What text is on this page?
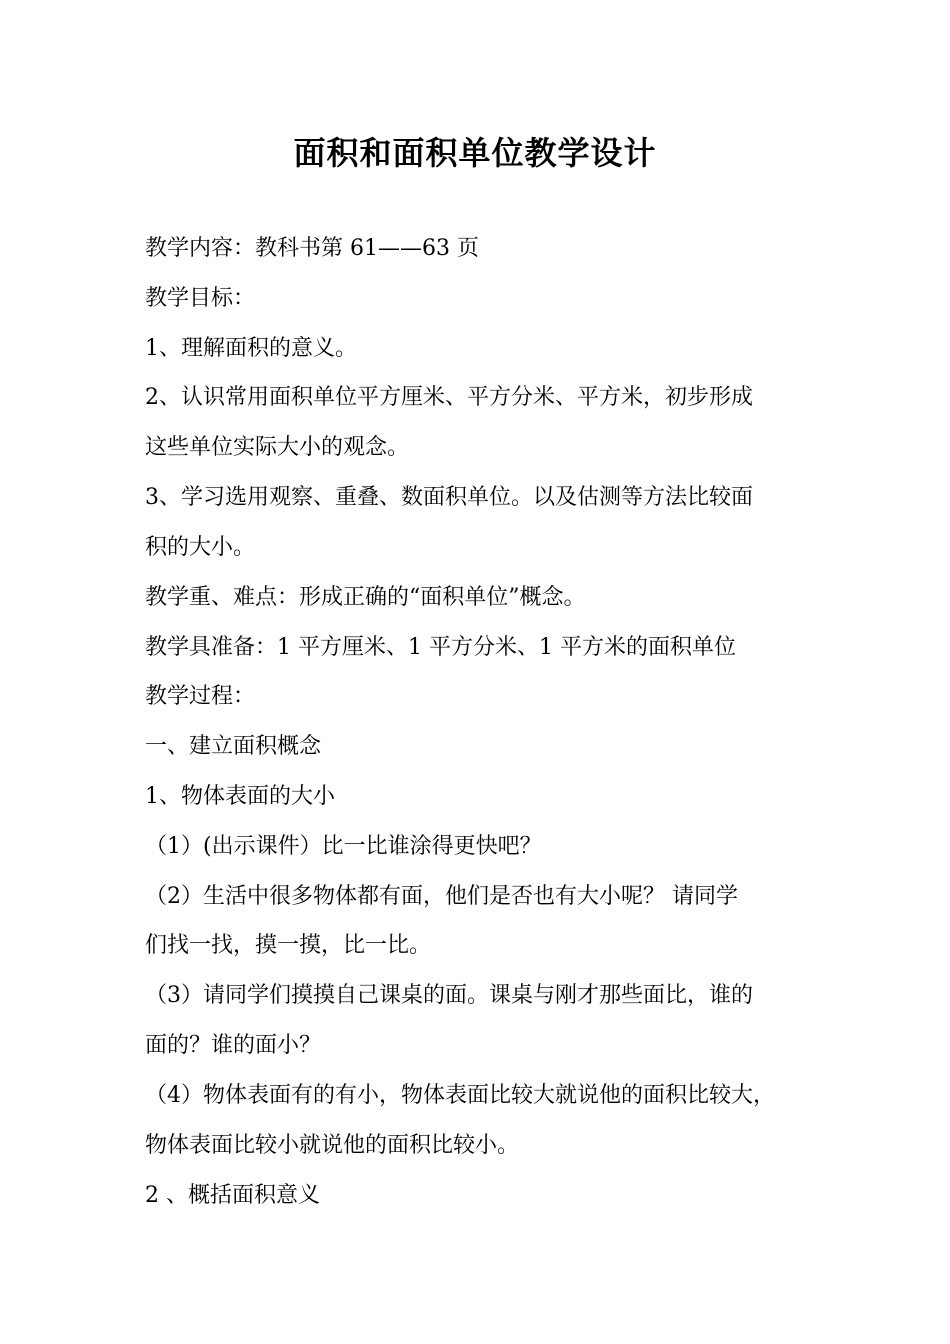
面积和面积单位教学设计

教学内容：教科书第 61——63 页

教学目标：

1、理解面积的意义。

2、认识常用面积单位平方厘米、平方分米、平方米，初步形成

这些单位实际大小的观念。

3、学习选用观察、重叠、数面积单位。以及估测等方法比较面

积的大小。

教学重、难点：形成正确的“面积单位”概念。

教学具准备：1 平方厘米、1 平方分米、1 平方米的面积单位

教学过程：

一、建立面积概念

1、物体表面的大小

（1）(出示课件）比一比谁涂得更快吧？

（2）生活中很多物体都有面，他们是否也有大小呢？ 请同学

们找一找，摸一摸，比一比。

（3）请同学们摸摸自己课桌的面。课桌与刚才那些面比，谁的

面的？谁的面小？

（4）物体表面有的有小，物体表面比较大就说他的面积比较大，

物体表面比较小就说他的面积比较小。

2 、概括面积意义
